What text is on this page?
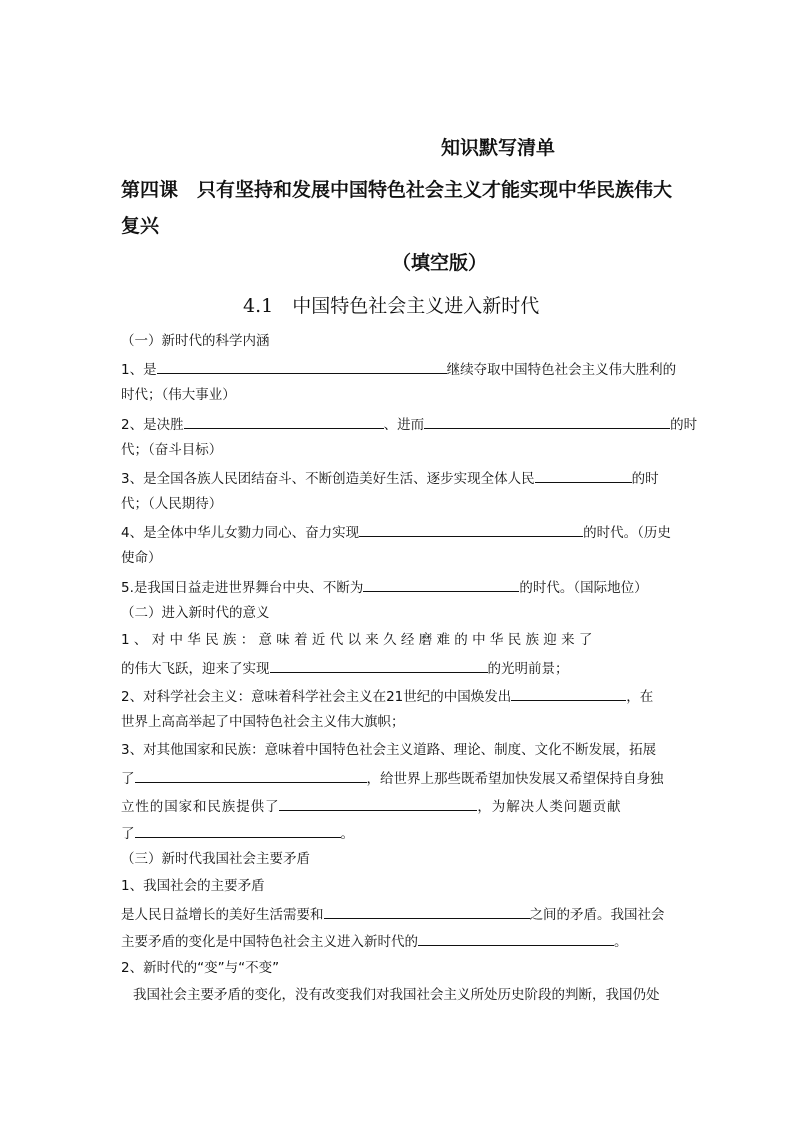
知识默写清单
第四课　只有坚持和发展中国特色社会主义才能实现中华民族伟大
复兴
（填空版）
4.1　中国特色社会主义进入新时代
（一）新时代的科学内涵
1、是	继续夺取中国特色社会主义伟大胜利的
时代；（伟大事业）
2、是决胜	、进而	的时
代；（奋斗目标）
3、是全国各族人民团结奋斗、不断创造美好生活、逐步实现全体人民	的时
代；（人民期待）
4、是全体中华儿女勠力同心、奋力实现	的时代。（历史
使命）
5.是我国日益走进世界舞台中央、不断为	的时代。（国际地位）
（二）进入新时代的意义
1、对中华民族：意味着近代以来久经磨难的中华民族迎来了
的伟大飞跃，迎来了实现	的光明前景；
2、对科学社会主义：意味着科学社会主义在21世纪的中国焕发出	，在
世界上高高举起了中国特色社会主义伟大旗帜；
3、对其他国家和民族：意味着中国特色社会主义道路、理论、制度、文化不断发展，拓展
了	，给世界上那些既希望加快发展又希望保持自身独
立性的国家和民族提供了	，为解决人类问题贡献
了	。
（三）新时代我国社会主要矛盾
1、我国社会的主要矛盾
是人民日益增长的美好生活需要和	之间的矛盾。我国社会
主要矛盾的变化是中国特色社会主义进入新时代的	。
2、新时代的“变”与“不变”
我国社会主要矛盾的变化，没有改变我们对我国社会主义所处历史阶段的判断，我国仍处
